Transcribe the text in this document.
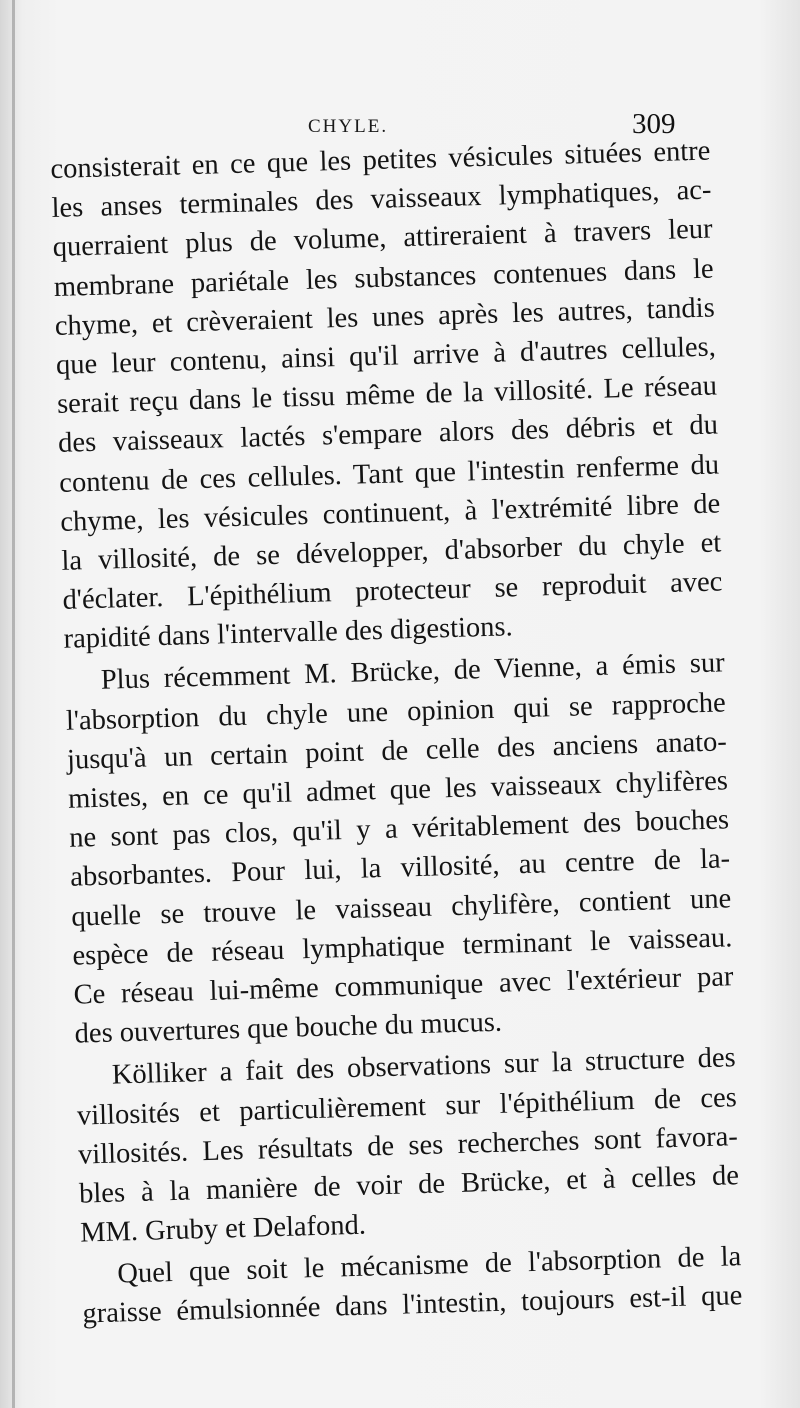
CHYLE.	309
consisterait en ce que les petites vésicules situées entre
les anses terminales des vaisseaux lymphatiques, ac-
querraient plus de volume, attireraient à travers leur
membrane pariétale les substances contenues dans le
chyme, et crèveraient les unes après les autres, tandis
que leur contenu, ainsi qu'il arrive à d'autres cellules,
serait reçu dans le tissu même de la villosité. Le réseau
des vaisseaux lactés s'empare alors des débris et du
contenu de ces cellules. Tant que l'intestin renferme du
chyme, les vésicules continuent, à l'extrémité libre de
la villosité, de se développer, d'absorber du chyle et
d'éclater. L'épithélium protecteur se reproduit avec
rapidité dans l'intervalle des digestions.
Plus récemment M. Brücke, de Vienne, a émis sur
l'absorption du chyle une opinion qui se rapproche
jusqu'à un certain point de celle des anciens anato-
mistes, en ce qu'il admet que les vaisseaux chylifères
ne sont pas clos, qu'il y a véritablement des bouches
absorbantes. Pour lui, la villosité, au centre de la-
quelle se trouve le vaisseau chylifère, contient une
espèce de réseau lymphatique terminant le vaisseau.
Ce réseau lui-même communique avec l'extérieur par
des ouvertures que bouche du mucus.
Kölliker a fait des observations sur la structure des
villosités et particulièrement sur l'épithélium de ces
villosités. Les résultats de ses recherches sont favora-
bles à la manière de voir de Brücke, et à celles de
MM. Gruby et Delafond.
Quel que soit le mécanisme de l'absorption de la
graisse émulsionnée dans l'intestin, toujours est-il que
